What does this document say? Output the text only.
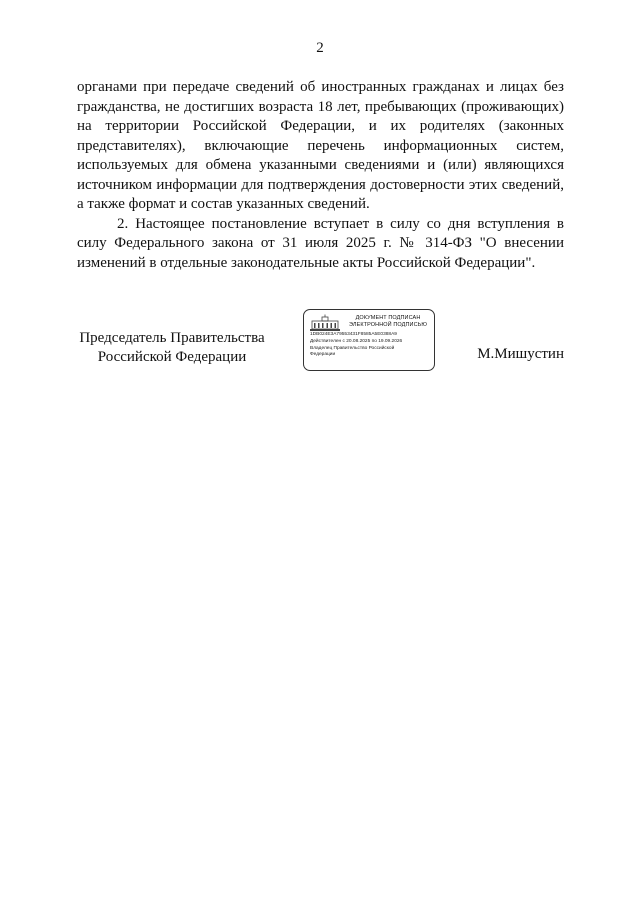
2

органами при передаче сведений об иностранных гражданах и лицах без гражданства, не достигших возраста 18 лет, пребывающих (проживающих) на территории Российской Федерации, и их родителях (законных представителях), включающие перечень информационных систем, используемых для обмена указанными сведениями и (или) являющихся источником информации для подтверждения достоверности этих сведений, а также формат и состав указанных сведений.

2. Настоящее постановление вступает в силу со дня вступления в силу Федерального закона от 31 июля 2025 г. № 314-ФЗ "О внесении изменений в отдельные законодательные акты Российской Федерации".

Председатель Правительства
Российской Федерации
ДОКУМЕНТ ПОДПИСАН
ЭЛЕКТРОННОЙ ПОДПИСЬЮ
1DB024E3A79553431F8585A5E0388A9
Действителен с 20.08.2025 по 19.09.2026
Владелец Правительство Российской
Федерации	М.Мишустин
